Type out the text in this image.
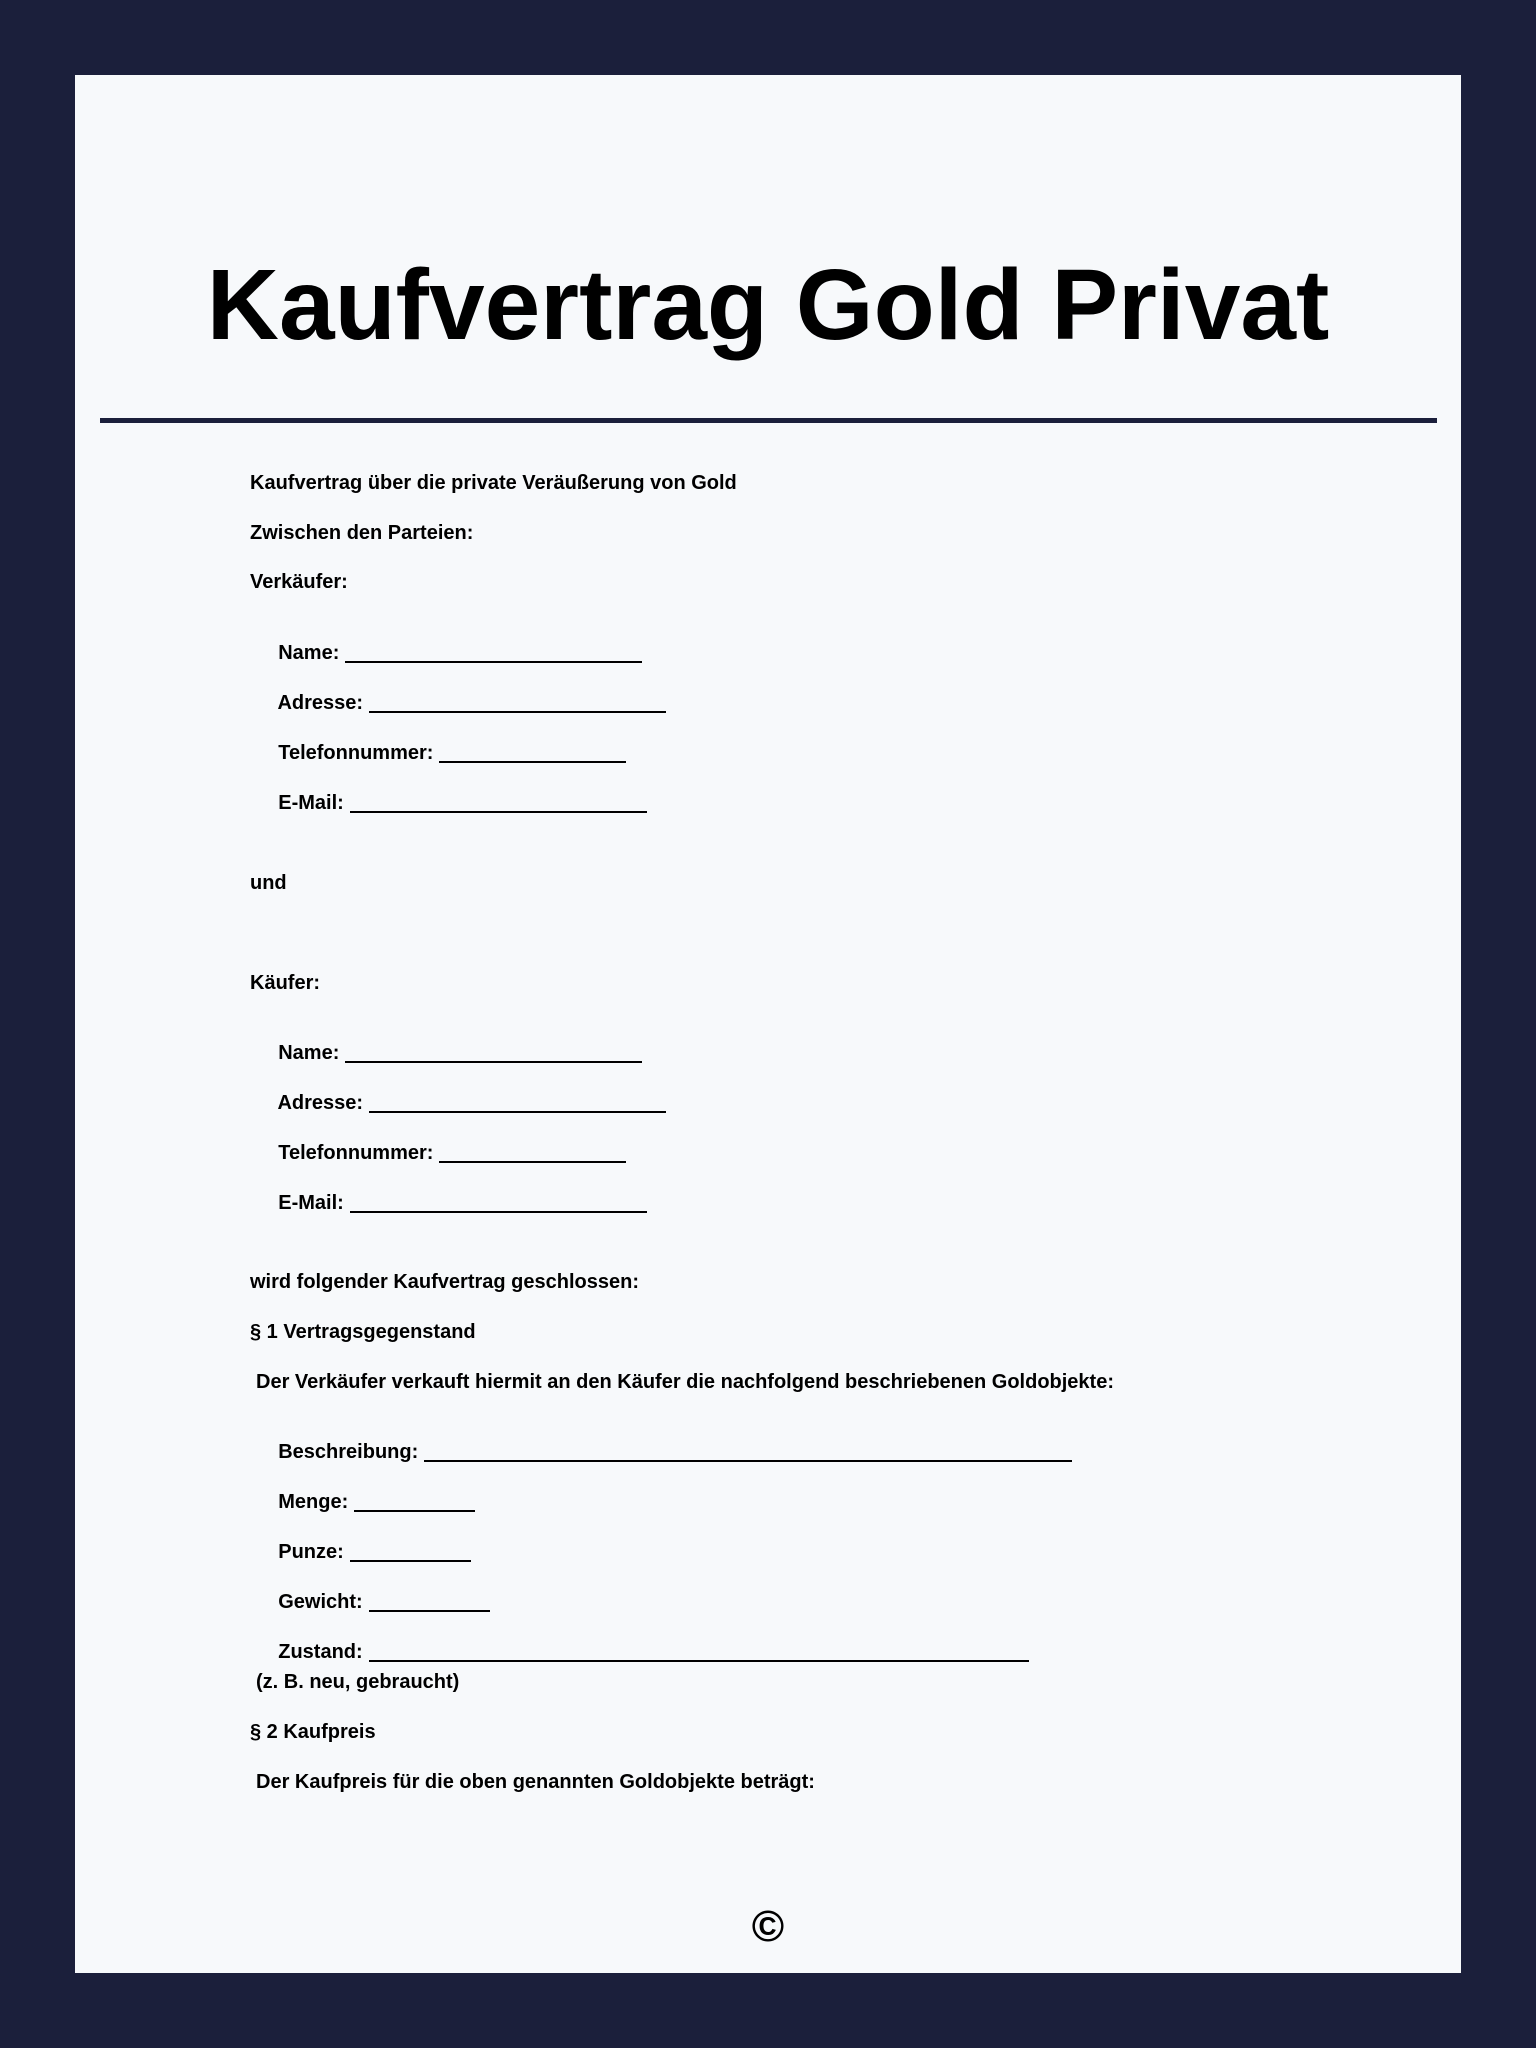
Kaufvertrag Gold Privat
Kaufvertrag über die private Veräußerung von Gold
Zwischen den Parteien:
Verkäufer:

Name:

Adresse:

Telefonnummer:

E-Mail:

und
Käufer:

Name:

Adresse:

Telefonnummer:

E-Mail:

wird folgender Kaufvertrag geschlossen:
§ 1 Vertragsgegenstand
Der Verkäufer verkauft hiermit an den Käufer die nachfolgend beschriebenen Goldobjekte:

Beschreibung:

Menge:

Punze:

Gewicht:

Zustand:

(z. B. neu, gebraucht)
§ 2 Kaufpreis
Der Kaufpreis für die oben genannten Goldobjekte beträgt:
©
